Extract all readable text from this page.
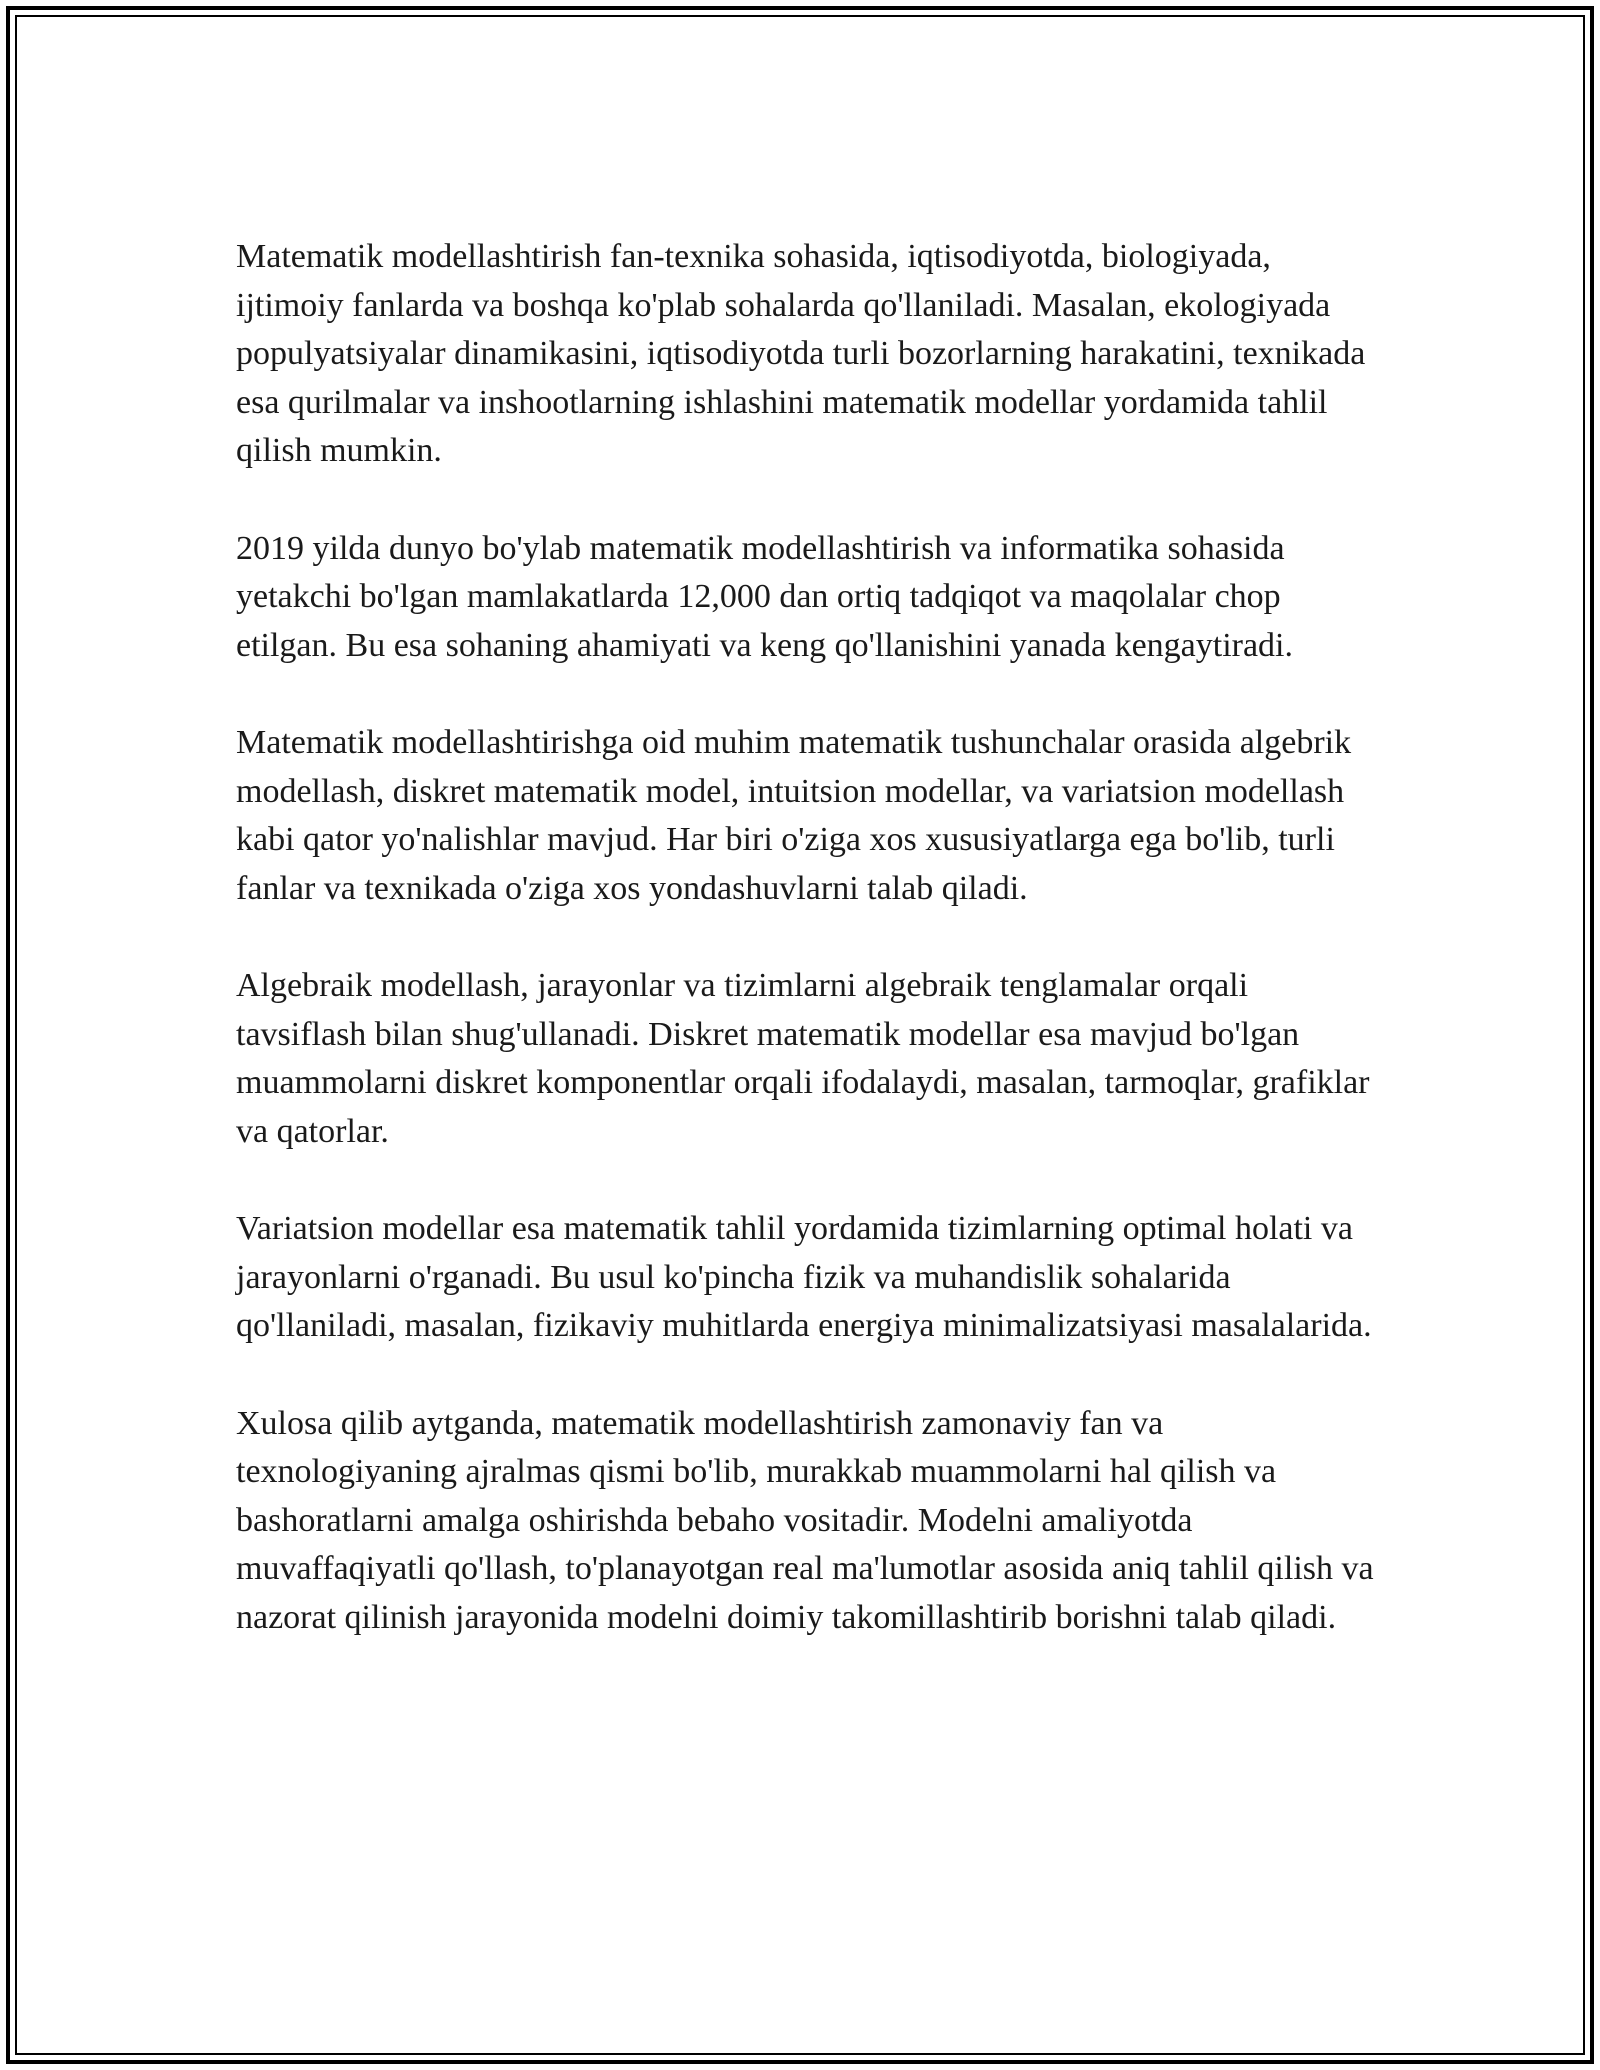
Matematik modellashtirish fan-texnika sohasida, iqtisodiyotda, biologiyada, ijtimoiy fanlarda va boshqa ko'plab sohalarda qo'llaniladi. Masalan, ekologiyada populyatsiyalar dinamikasini, iqtisodiyotda turli bozorlarning harakatini, texnikada esa qurilmalar va inshootlarning ishlashini matematik modellar yordamida tahlil qilish mumkin.

2019 yilda dunyo bo'ylab matematik modellashtirish va informatika sohasida yetakchi bo'lgan mamlakatlarda 12,000 dan ortiq tadqiqot va maqolalar chop etilgan. Bu esa sohaning ahamiyati va keng qo'llanishini yanada kengaytiradi.

Matematik modellashtirishga oid muhim matematik tushunchalar orasida algebrik modellash, diskret matematik model, intuitsion modellar, va variatsion modellash kabi qator yo'nalishlar mavjud. Har biri o'ziga xos xususiyatlarga ega bo'lib, turli fanlar va texnikada o'ziga xos yondashuvlarni talab qiladi.

Algebraik modellash, jarayonlar va tizimlarni algebraik tenglamalar orqali tavsiflash bilan shug'ullanadi. Diskret matematik modellar esa mavjud bo'lgan muammolarni diskret komponentlar orqali ifodalaydi, masalan, tarmoqlar, grafiklar va qatorlar.

Variatsion modellar esa matematik tahlil yordamida tizimlarning optimal holati va jarayonlarni o'rganadi. Bu usul ko'pincha fizik va muhandislik sohalarida qo'llaniladi, masalan, fizikaviy muhitlarda energiya minimalizatsiyasi masalalarida.

Xulosa qilib aytganda, matematik modellashtirish zamonaviy fan va texnologiyaning ajralmas qismi bo'lib, murakkab muammolarni hal qilish va bashoratlarni amalga oshirishda bebaho vositadir. Modelni amaliyotda muvaffaqiyatli qo'llash, to'planayotgan real ma'lumotlar asosida aniq tahlil qilish va nazorat qilinish jarayonida modelni doimiy takomillashtirib borishni talab qiladi.
